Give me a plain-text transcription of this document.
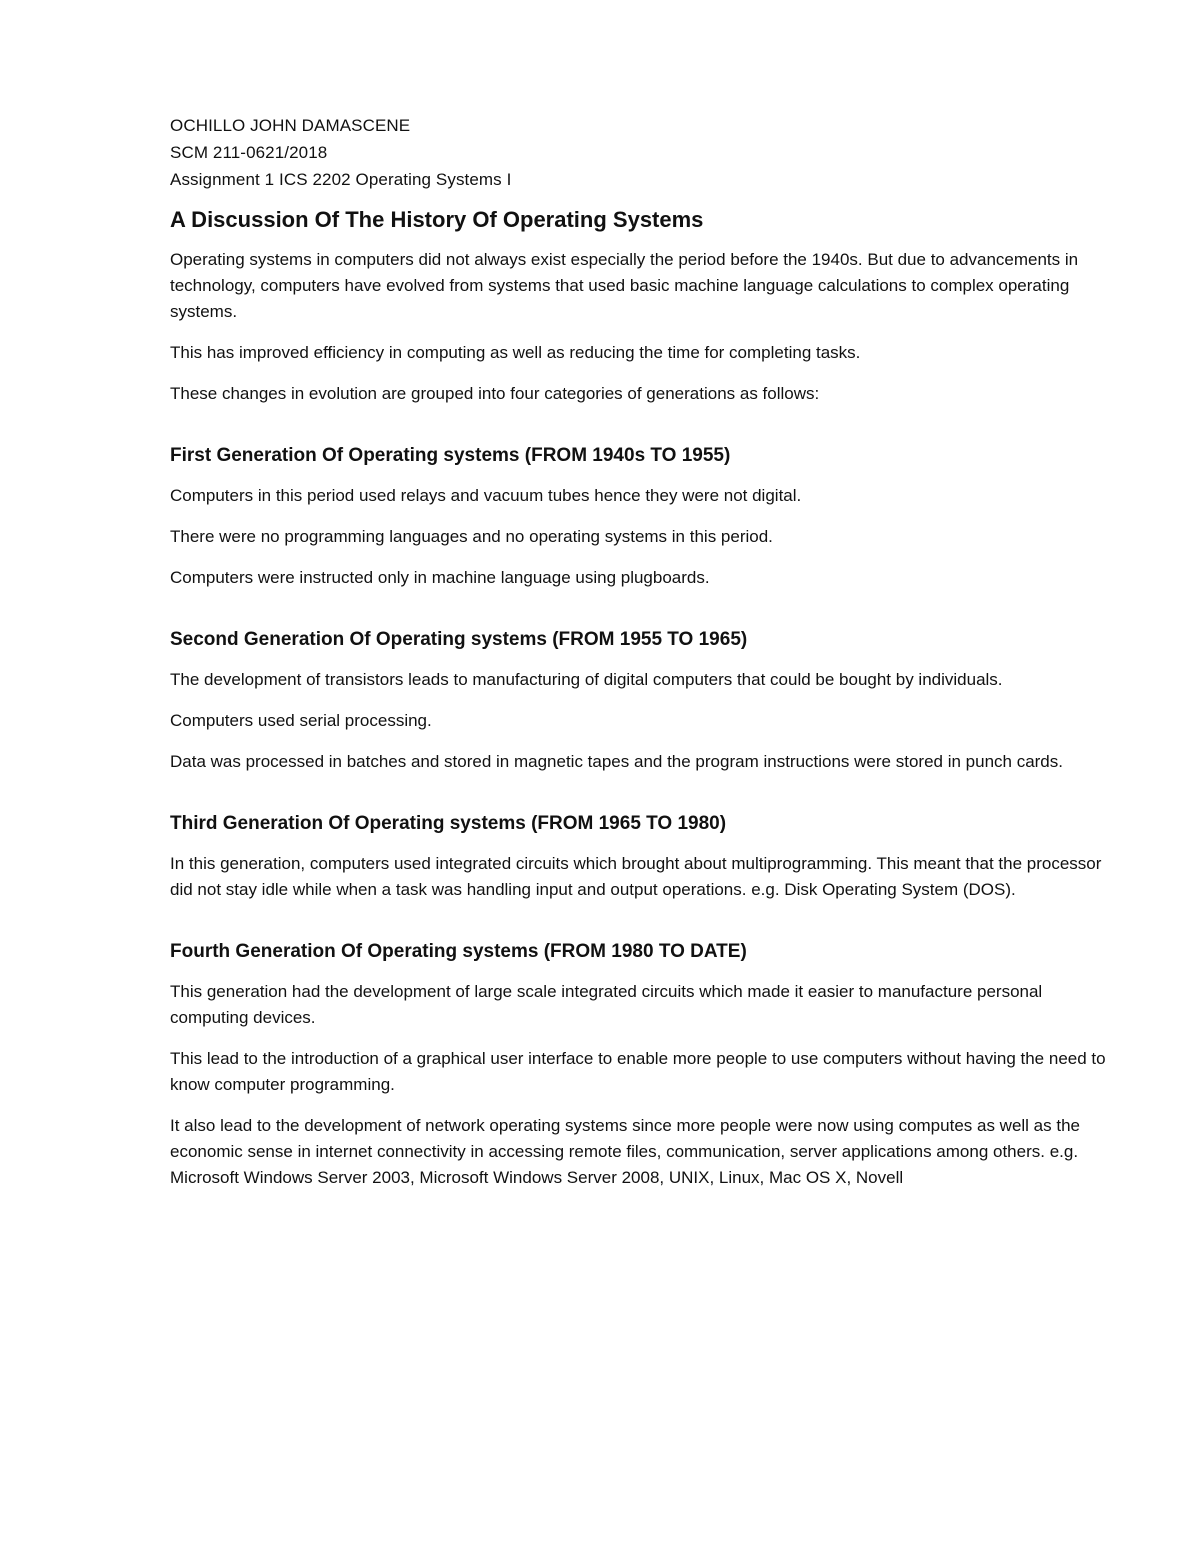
OCHILLO JOHN DAMASCENE

SCM 211-0621/2018

Assignment 1 ICS 2202 Operating Systems I

A Discussion Of The History Of Operating Systems

Operating systems in computers did not always exist especially the period before the 1940s. But due to advancements in technology, computers have evolved from systems that used basic machine language calculations to complex operating systems.

This has improved efficiency in computing as well as reducing the time for completing tasks.

These changes in evolution are grouped into four categories of generations as follows:

First Generation Of Operating systems (FROM 1940s TO 1955)

Computers in this period used relays and vacuum tubes hence they were not digital.

There were no programming languages and no operating systems in this period.

Computers were instructed only in machine language using plugboards.

Second Generation Of Operating systems (FROM 1955 TO 1965)

The development of transistors leads to manufacturing of digital computers that could be bought by individuals.

Computers used serial processing.

Data was processed in batches and stored in magnetic tapes and the program instructions were stored in punch cards.

Third Generation Of Operating systems (FROM 1965 TO 1980)

In this generation, computers used integrated circuits which brought about multiprogramming. This meant that the processor did not stay idle while when a task was handling input and output operations. e.g. Disk Operating System (DOS).

Fourth Generation Of Operating systems (FROM 1980 TO DATE)

This generation had the development of large scale integrated circuits which made it easier to manufacture personal computing devices.

This lead to the introduction of a graphical user interface to enable more people to use computers without having the need to know computer programming.

It also lead to the development of network operating systems since more people were now using computes as well as the economic sense in internet connectivity in accessing remote files, communication, server applications among others. e.g. Microsoft Windows Server 2003, Microsoft Windows Server 2008, UNIX, Linux, Mac OS X, Novell
